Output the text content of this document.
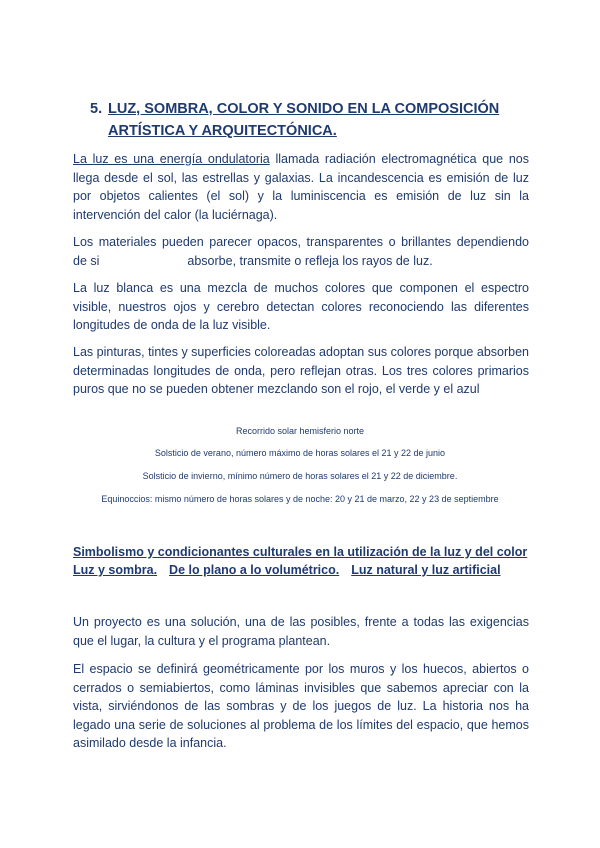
5. LUZ, SOMBRA, COLOR Y SONIDO EN LA COMPOSICIÓN
ARTÍSTICA Y ARQUITECTÓNICA.

La luz es una energía ondulatoria llamada radiación electromagnética que nos llega desde el sol, las estrellas y galaxias. La incandescencia es emisión de luz por objetos calientes (el sol) y la luminiscencia es emisión de luz sin la intervención del calor (la luciérnaga).

Los materiales pueden parecer opacos, transparentes o brillantes dependiendo de si	absorbe, transmite o refleja los rayos de luz.

La luz blanca es una mezcla de muchos colores que componen el espectro visible, nuestros ojos y cerebro detectan colores reconociendo las diferentes longitudes de onda de la luz visible.

Las pinturas, tintes y superficies coloreadas adoptan sus colores porque absorben determinadas longitudes de onda, pero reflejan otras. Los tres colores primarios puros que no se pueden obtener mezclando son el rojo, el verde y el azul

Recorrido solar hemisferio norte
Solsticio de verano, número máximo de horas solares el 21 y 22 de junio
Solsticio de invierno, mínimo número de horas solares el 21 y 22 de diciembre.
Equinoccios: mismo número de horas solares y de noche: 20 y 21 de marzo, 22 y 23 de septiembre
Simbolismo y condicionantes culturales en la utilización de la luz y del color
Luz y sombra. De lo plano a lo volumétrico. Luz natural y luz artificial

Un proyecto es una solución, una de las posibles, frente a todas las exigencias que el lugar, la cultura y el programa plantean.

El espacio se definirá geométricamente por los muros y los huecos, abiertos o cerrados o semiabiertos, como láminas invisibles que sabemos apreciar con la vista, sirviéndonos de las sombras y de los juegos de luz. La historia nos ha legado una serie de soluciones al problema de los límites del espacio, que hemos asimilado desde la infancia.
